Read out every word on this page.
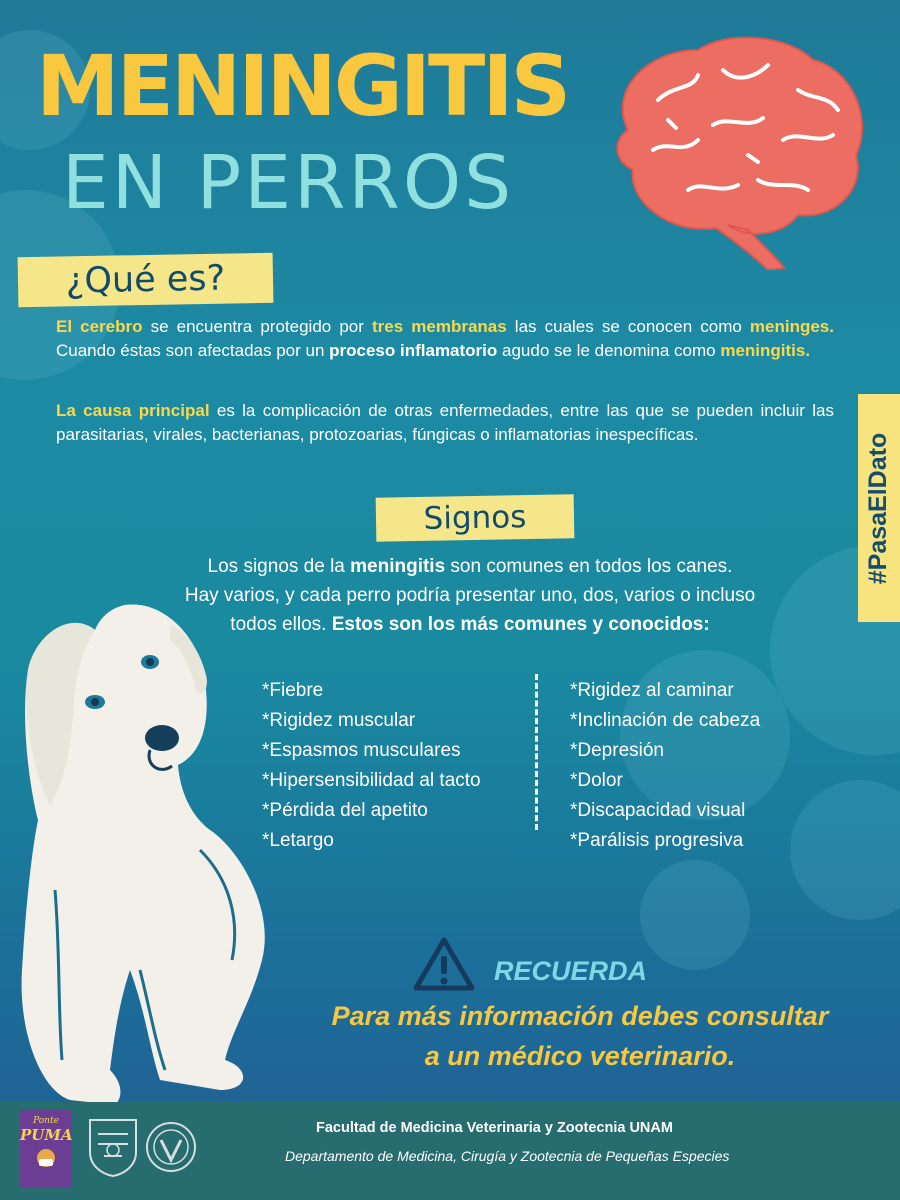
MENINGITIS
EN PERROS
¿Qué es?

El cerebro se encuentra protegido por tres membranas las cuales se conocen como meninges. Cuando éstas son afectadas por un proceso inflamatorio agudo se le denomina como meningitis.

La causa principal es la complicación de otras enfermedades, entre las que se pueden incluir las parasitarias, virales, bacterianas, protozoarias, fúngicas o inflamatorias inespecíficas.	#PasaElDato
Signos

Los signos de la meningitis son comunes en todos los canes.
Hay varios, y cada perro podría presentar uno, dos, varios o incluso todos ellos. Estos son los más comunes y conocidos:

*Fiebre
*Rigidez muscular
*Espasmos musculares
*Hipersensibilidad al tacto
*Pérdida del apetito
*Letargo
*Rigidez al caminar
*Inclinación de cabeza
*Depresión
*Dolor
*Discapacidad visual
*Parálisis progresiva

RECUERDA

Para más información debes consultar
a un médico veterinario.

Ponte
PUMA	Facultad de Medicina Veterinaria y Zootecnia UNAM

Departamento de Medicina, Cirugía y Zootecnia de Pequeñas Especies
